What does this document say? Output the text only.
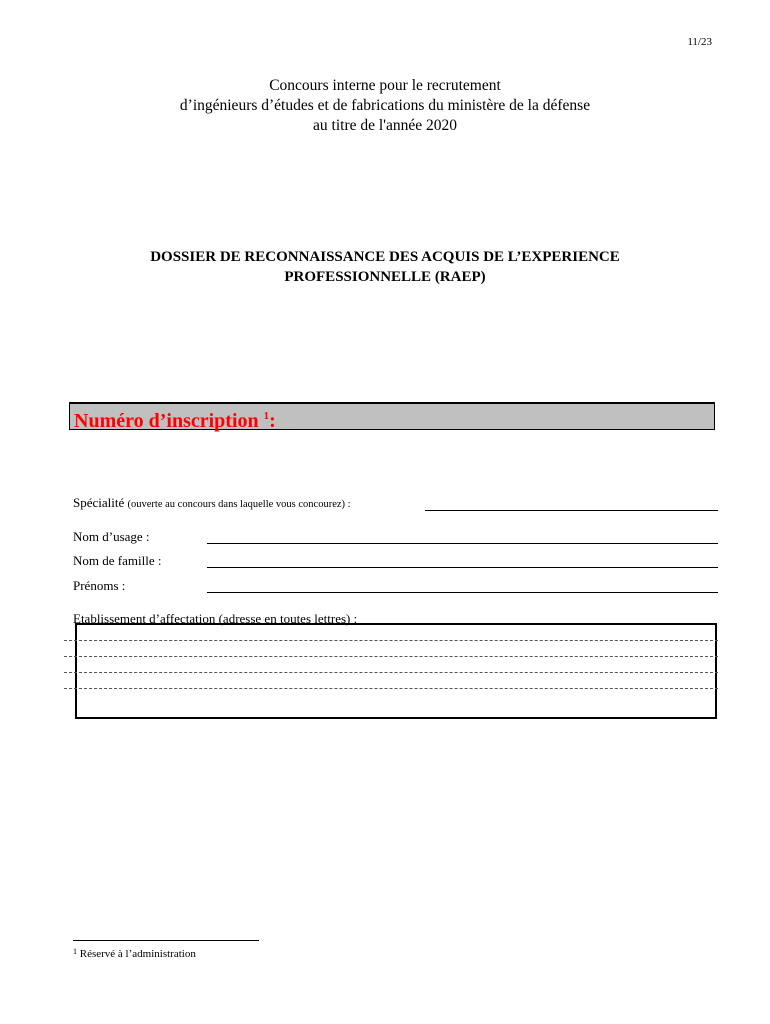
11/23
Concours interne pour le recrutement
d’ingénieurs d’études et de fabrications du ministère de la défense
au titre de l'année 2020
DOSSIER DE RECONNAISSANCE DES ACQUIS DE L’EXPERIENCE
PROFESSIONNELLE (RAEP)
Numéro d’inscription $^1$:
Spécialité (ouverte au concours dans laquelle vous concourez) :
Nom d’usage :
Nom de famille :
Prénoms :
Etablissement d’affectation (adresse en toutes lettres) :
$^1$ Réservé à l’administration
